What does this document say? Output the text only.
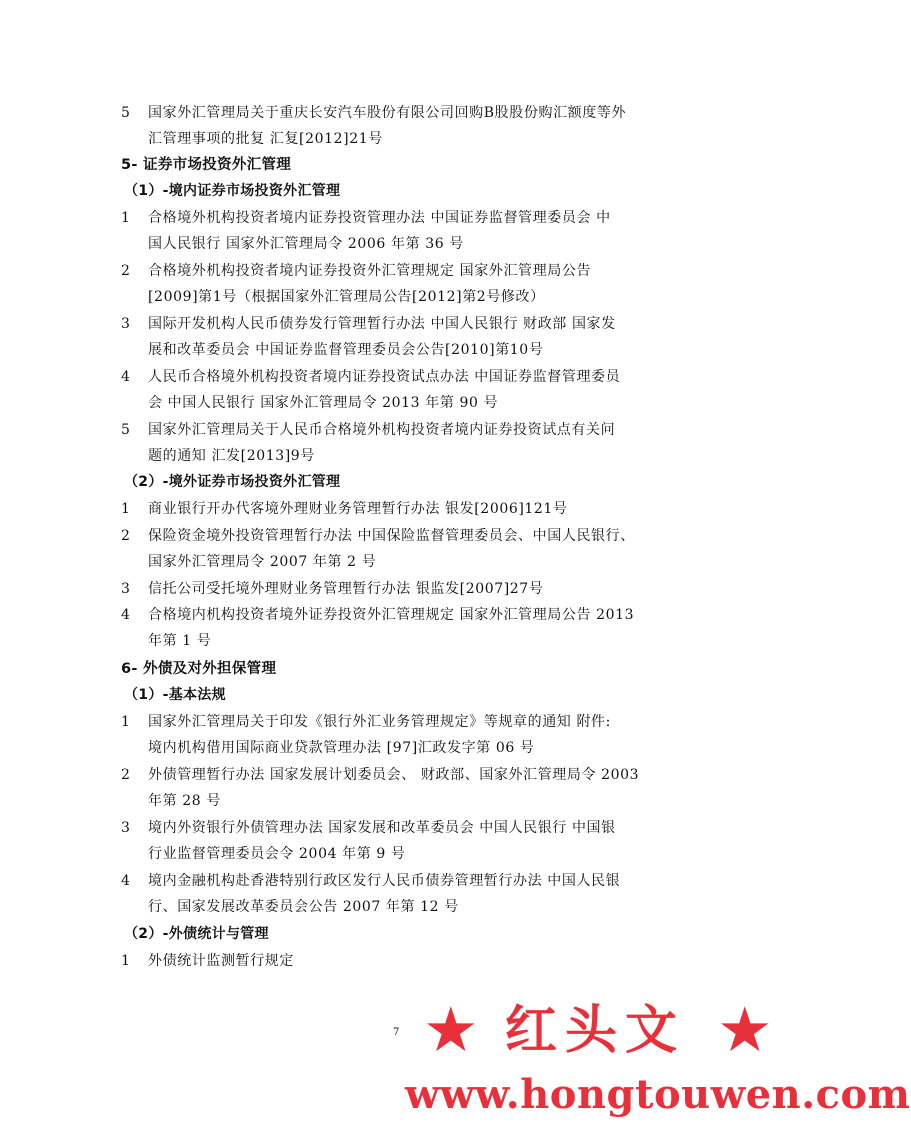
5 国家外汇管理局关于重庆长安汽车股份有限公司回购B股股份购汇额度等外
汇管理事项的批复 汇复[2012]21号
5- 证券市场投资外汇管理
（1）-境内证券市场投资外汇管理
1 合格境外机构投资者境内证券投资管理办法 中国证券监督管理委员会 中
国人民银行 国家外汇管理局令 2006 年第 36 号
2 合格境外机构投资者境内证券投资外汇管理规定 国家外汇管理局公告
[2009]第1号（根据国家外汇管理局公告[2012]第2号修改）
3 国际开发机构人民币债券发行管理暂行办法 中国人民银行 财政部 国家发
展和改革委员会 中国证券监督管理委员会公告[2010]第10号
4 人民币合格境外机构投资者境内证券投资试点办法 中国证券监督管理委员
会 中国人民银行 国家外汇管理局令 2013 年第 90 号
5 国家外汇管理局关于人民币合格境外机构投资者境内证券投资试点有关问
题的通知 汇发[2013]9号
（2）-境外证券市场投资外汇管理
1 商业银行开办代客境外理财业务管理暂行办法 银发[2006]121号
2 保险资金境外投资管理暂行办法 中国保险监督管理委员会、中国人民银行、
国家外汇管理局令 2007 年第 2 号
3 信托公司受托境外理财业务管理暂行办法 银监发[2007]27号
4 合格境内机构投资者境外证券投资外汇管理规定 国家外汇管理局公告 2013
年第 1 号
6- 外债及对外担保管理
（1）-基本法规
1 国家外汇管理局关于印发《银行外汇业务管理规定》等规章的通知 附件:
境内机构借用国际商业贷款管理办法 [97]汇政发字第 06 号
2 外债管理暂行办法 国家发展计划委员会、 财政部、国家外汇管理局令 2003
年第 28 号
3 境内外资银行外债管理办法 国家发展和改革委员会 中国人民银行 中国银
行业监督管理委员会令 2004 年第 9 号
4 境内金融机构赴香港特别行政区发行人民币债券管理暂行办法 中国人民银
行、国家发展改革委员会公告 2007 年第 12 号
（2）-外债统计与管理
1 外债统计监测暂行规定
7 ★ 红头文 ★
www.hongtouwen.com
